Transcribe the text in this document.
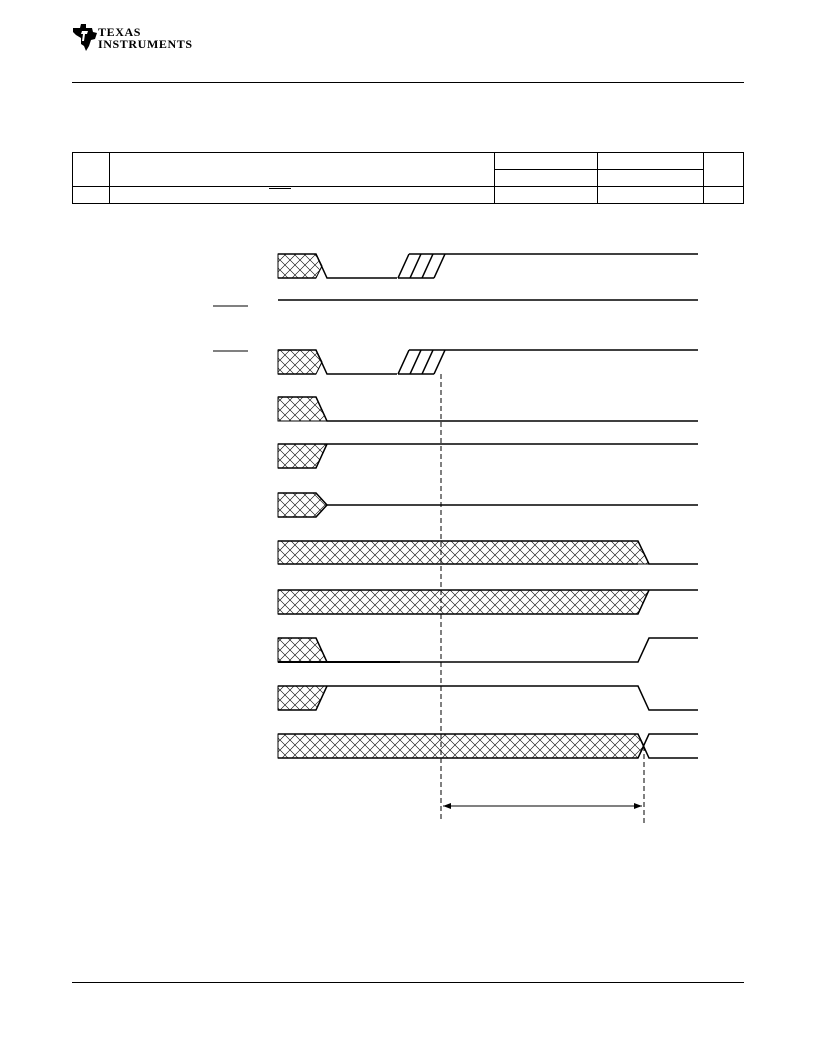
TEXAS
INSTRUMENTS
